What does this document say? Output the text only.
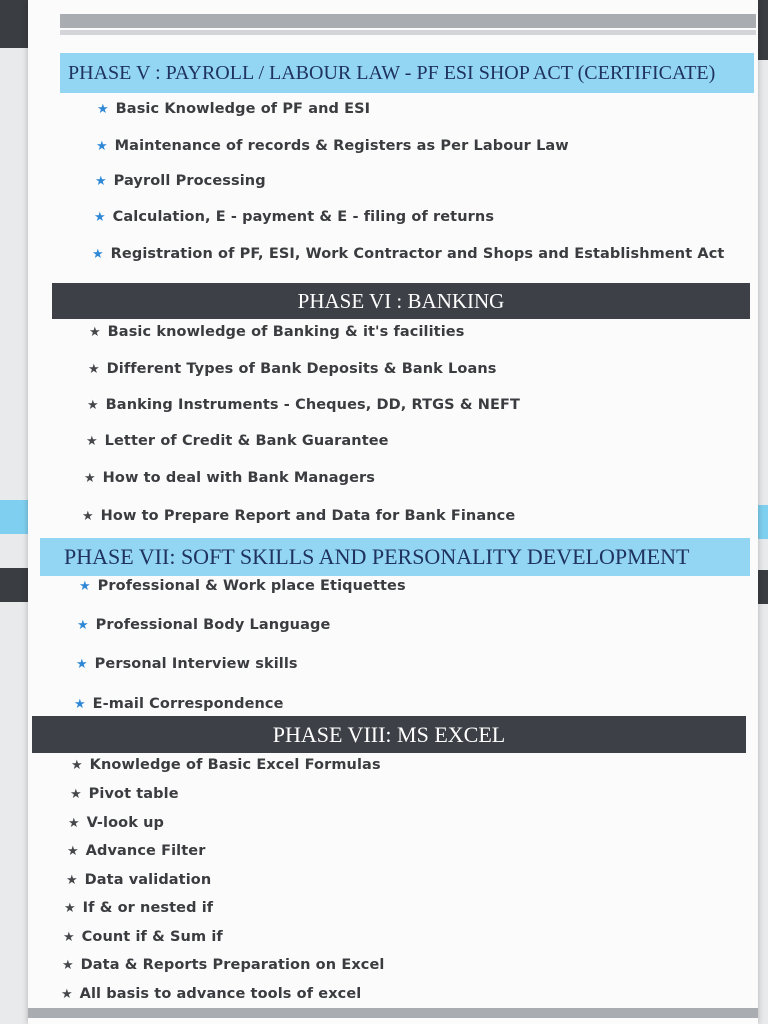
PHASE V : PAYROLL / LABOUR LAW - PF ESI SHOP ACT (CERTIFICATE)
★ Basic Knowledge of PF and ESI
★ Maintenance of records & Registers as Per Labour Law
★ Payroll Processing
★ Calculation, E - payment & E - filing of returns
★ Registration of PF, ESI, Work Contractor and Shops and Establishment Act
PHASE VI : BANKING
★ Basic knowledge of Banking & it's facilities
★ Different Types of Bank Deposits & Bank Loans
★ Banking Instruments - Cheques, DD, RTGS & NEFT
★ Letter of Credit & Bank Guarantee
★ How to deal with Bank Managers
★ How to Prepare Report and Data for Bank Finance
PHASE VII: SOFT SKILLS AND PERSONALITY DEVELOPMENT
★ Professional & Work place Etiquettes
★ Professional Body Language
★ Personal Interview skills
★ E-mail Correspondence
PHASE VIII: MS EXCEL
★ Knowledge of Basic Excel Formulas
★ Pivot table
★ V-look up
★ Advance Filter
★ Data validation
★ If & or nested if
★ Count if & Sum if
★ Data & Reports Preparation on Excel
★ All basis to advance tools of excel
